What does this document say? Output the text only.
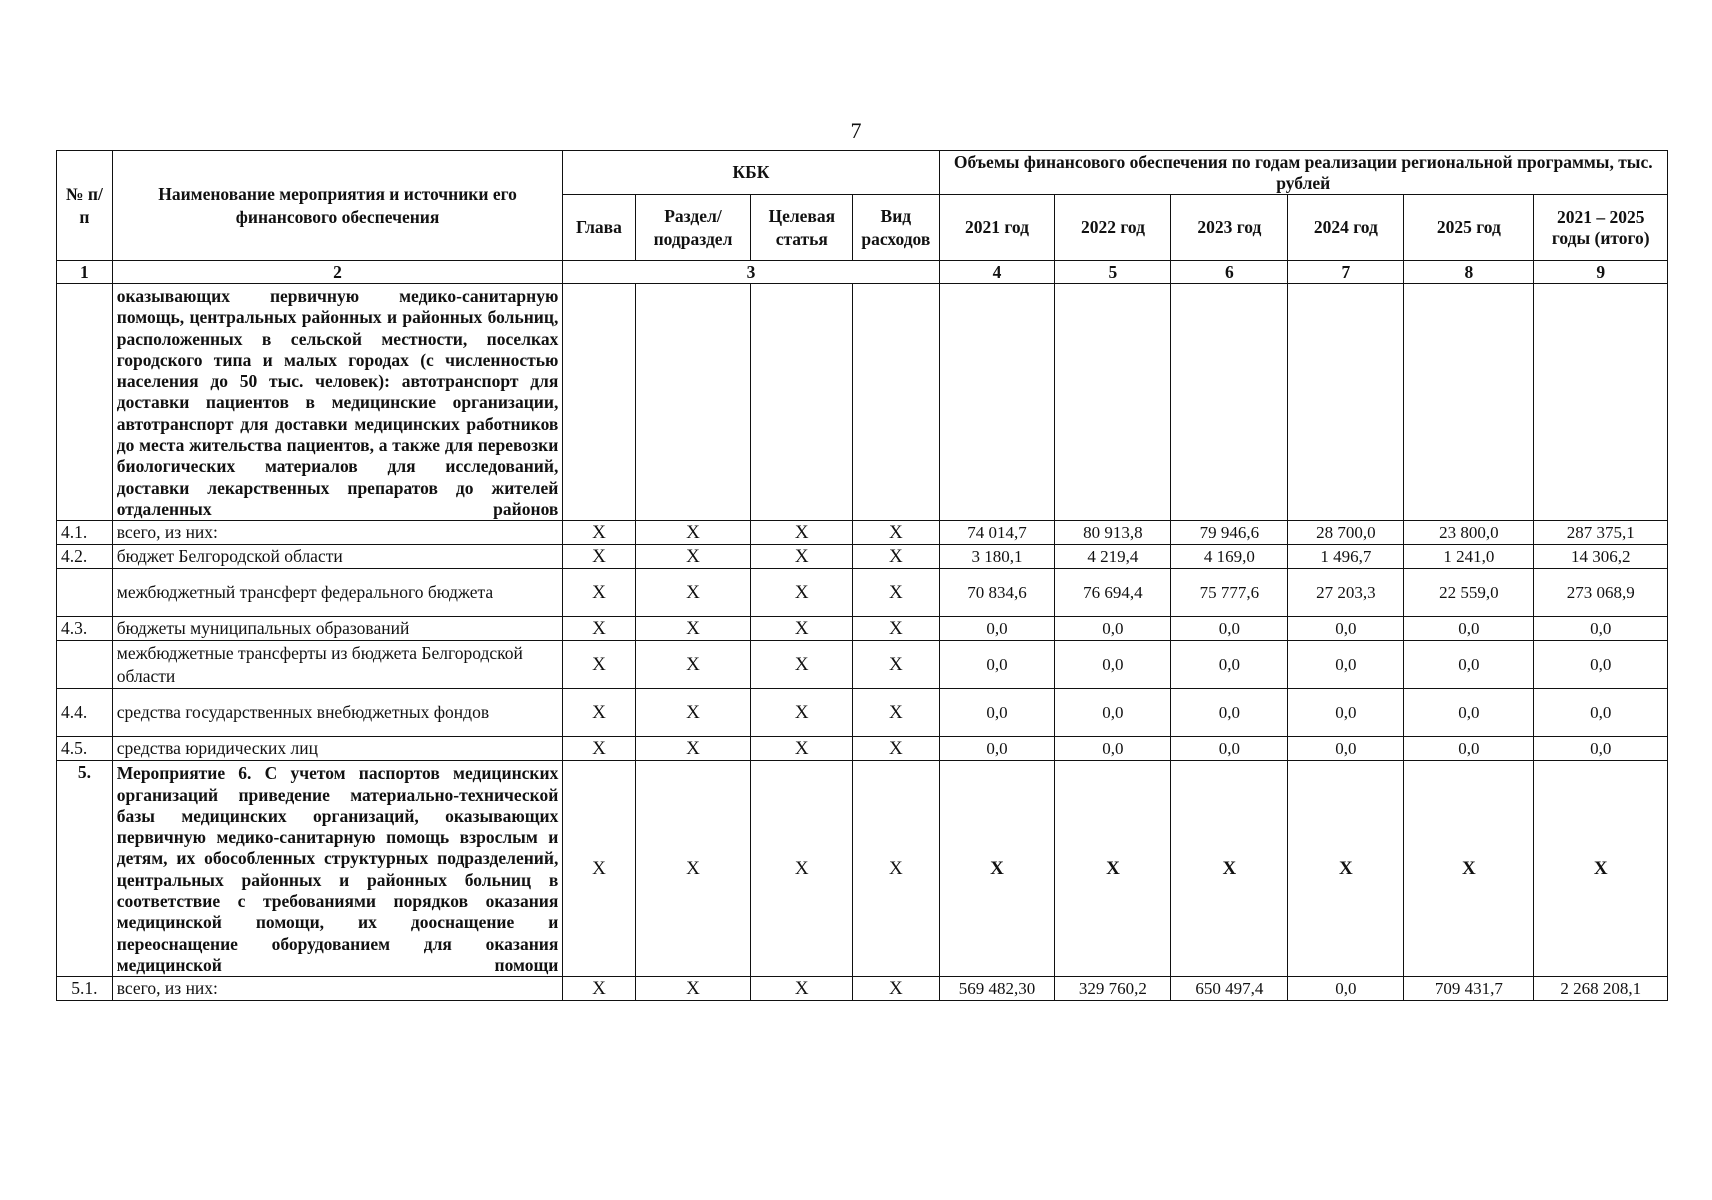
7
№ п/п	Наименование мероприятия и источники его финансового обеспечения	КБК				Объемы финансового обеспечения по годам реализации региональной программы, тыс. рублей					
		Глава	Раздел/ подраздел	Целевая статья	Вид расходов	2021 год	2022 год	2023 год	2024 год	2025 год	2021 – 2025 годы (итого)
1	2	3				4	5	6	7	8	9
	оказывающих первичную медико-санитарную помощь, центральных районных и районных больниц, расположенных в сельской местности, поселках городского типа и малых городах (с численностью населения до 50 тыс. человек): автотранспорт для доставки пациентов в медицинские организации, автотранспорт для доставки медицинских работников до места жительства пациентов, а также для перевозки биологических материалов для исследований, доставки лекарственных препаратов до жителей отдаленных районов										
4.1.	всего, из них:	Х	Х	Х	Х	74 014,7	80 913,8	79 946,6	28 700,0	23 800,0	287 375,1
4.2.	бюджет Белгородской области	Х	Х	Х	Х	3 180,1	4 219,4	4 169,0	1 496,7	1 241,0	14 306,2
	межбюджетный трансферт федерального бюджета	Х	Х	Х	Х	70 834,6	76 694,4	75 777,6	27 203,3	22 559,0	273 068,9
4.3.	бюджеты муниципальных образований	Х	Х	Х	Х	0,0	0,0	0,0	0,0	0,0	0,0
	межбюджетные трансферты из бюджета Белгородской области	Х	Х	Х	Х	0,0	0,0	0,0	0,0	0,0	0,0
4.4.	средства государственных внебюджетных фондов	Х	Х	Х	Х	0,0	0,0	0,0	0,0	0,0	0,0
4.5.	средства юридических лиц	Х	Х	Х	Х	0,0	0,0	0,0	0,0	0,0	0,0
5.	Мероприятие 6. С учетом паспортов медицинских организаций приведение материально-технической базы медицинских организаций, оказывающих первичную медико-санитарную помощь взрослым и детям, их обособленных структурных подразделений, центральных районных и районных больниц в соответствие с требованиями порядков оказания медицинской помощи, их дооснащение и переоснащение оборудованием для оказания медицинской помощи	Х	Х	Х	Х	Х	Х	Х	Х	Х	Х
5.1.	всего, из них:	Х	Х	Х	Х	569 482,30	329 760,2	650 497,4	0,0	709 431,7	2 268 208,1
